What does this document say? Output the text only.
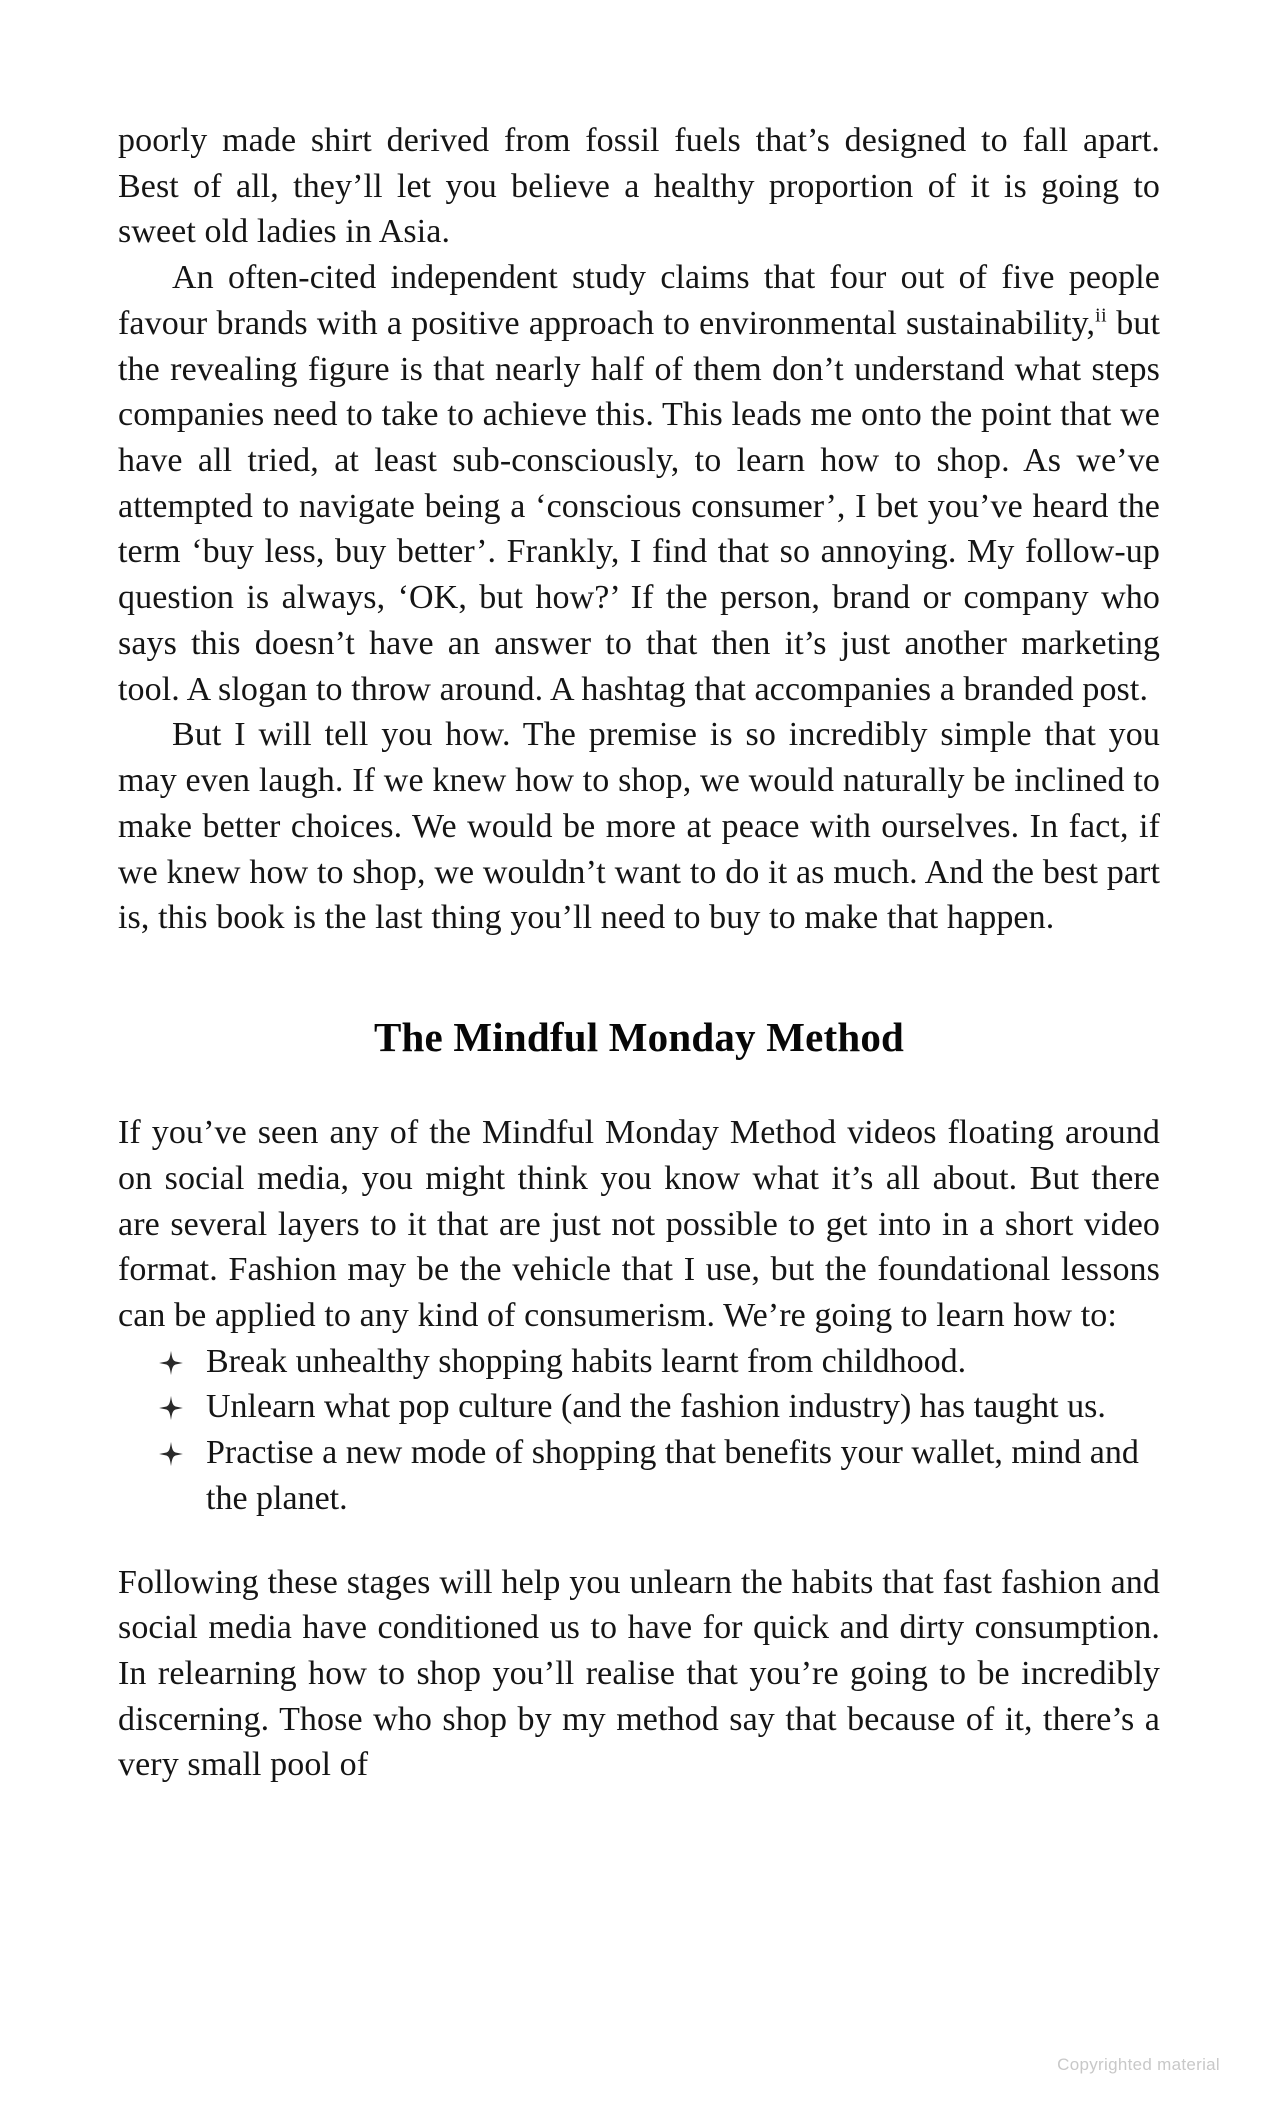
poorly made shirt derived from fossil fuels that’s designed to fall apart. Best of all, they’ll let you believe a healthy proportion of it is going to sweet old ladies in Asia.

An often-cited independent study claims that four out of five people favour brands with a positive approach to environmental sustainability,$^{ii}$ but the revealing figure is that nearly half of them don’t understand what steps companies need to take to achieve this. This leads me onto the point that we have all tried, at least sub-consciously, to learn how to shop. As we’ve attempted to navigate being a ‘conscious consumer’, I bet you’ve heard the term ‘buy less, buy better’. Frankly, I find that so annoying. My follow-up question is always, ‘OK, but how?’ If the person, brand or company who says this doesn’t have an answer to that then it’s just another marketing tool. A slogan to throw around. A hashtag that accompanies a branded post.

But I will tell you how. The premise is so incredibly simple that you may even laugh. If we knew how to shop, we would naturally be inclined to make better choices. We would be more at peace with ourselves. In fact, if we knew how to shop, we wouldn’t want to do it as much. And the best part is, this book is the last thing you’ll need to buy to make that happen.

The Mindful Monday Method

If you’ve seen any of the Mindful Monday Method videos floating around on social media, you might think you know what it’s all about. But there are several layers to it that are just not possible to get into in a short video format. Fashion may be the vehicle that I use, but the foundational lessons can be applied to any kind of consumerism. We’re going to learn how to:

Break unhealthy shopping habits learnt from childhood.
Unlearn what pop culture (and the fashion industry) has taught us.
Practise a new mode of shopping that benefits your wallet, mind and the planet.

Following these stages will help you unlearn the habits that fast fashion and social media have conditioned us to have for quick and dirty consumption. In relearning how to shop you’ll realise that you’re going to be incredibly discerning. Those who shop by my method say that because of it, there’s a very small pool of

Copyrighted material
